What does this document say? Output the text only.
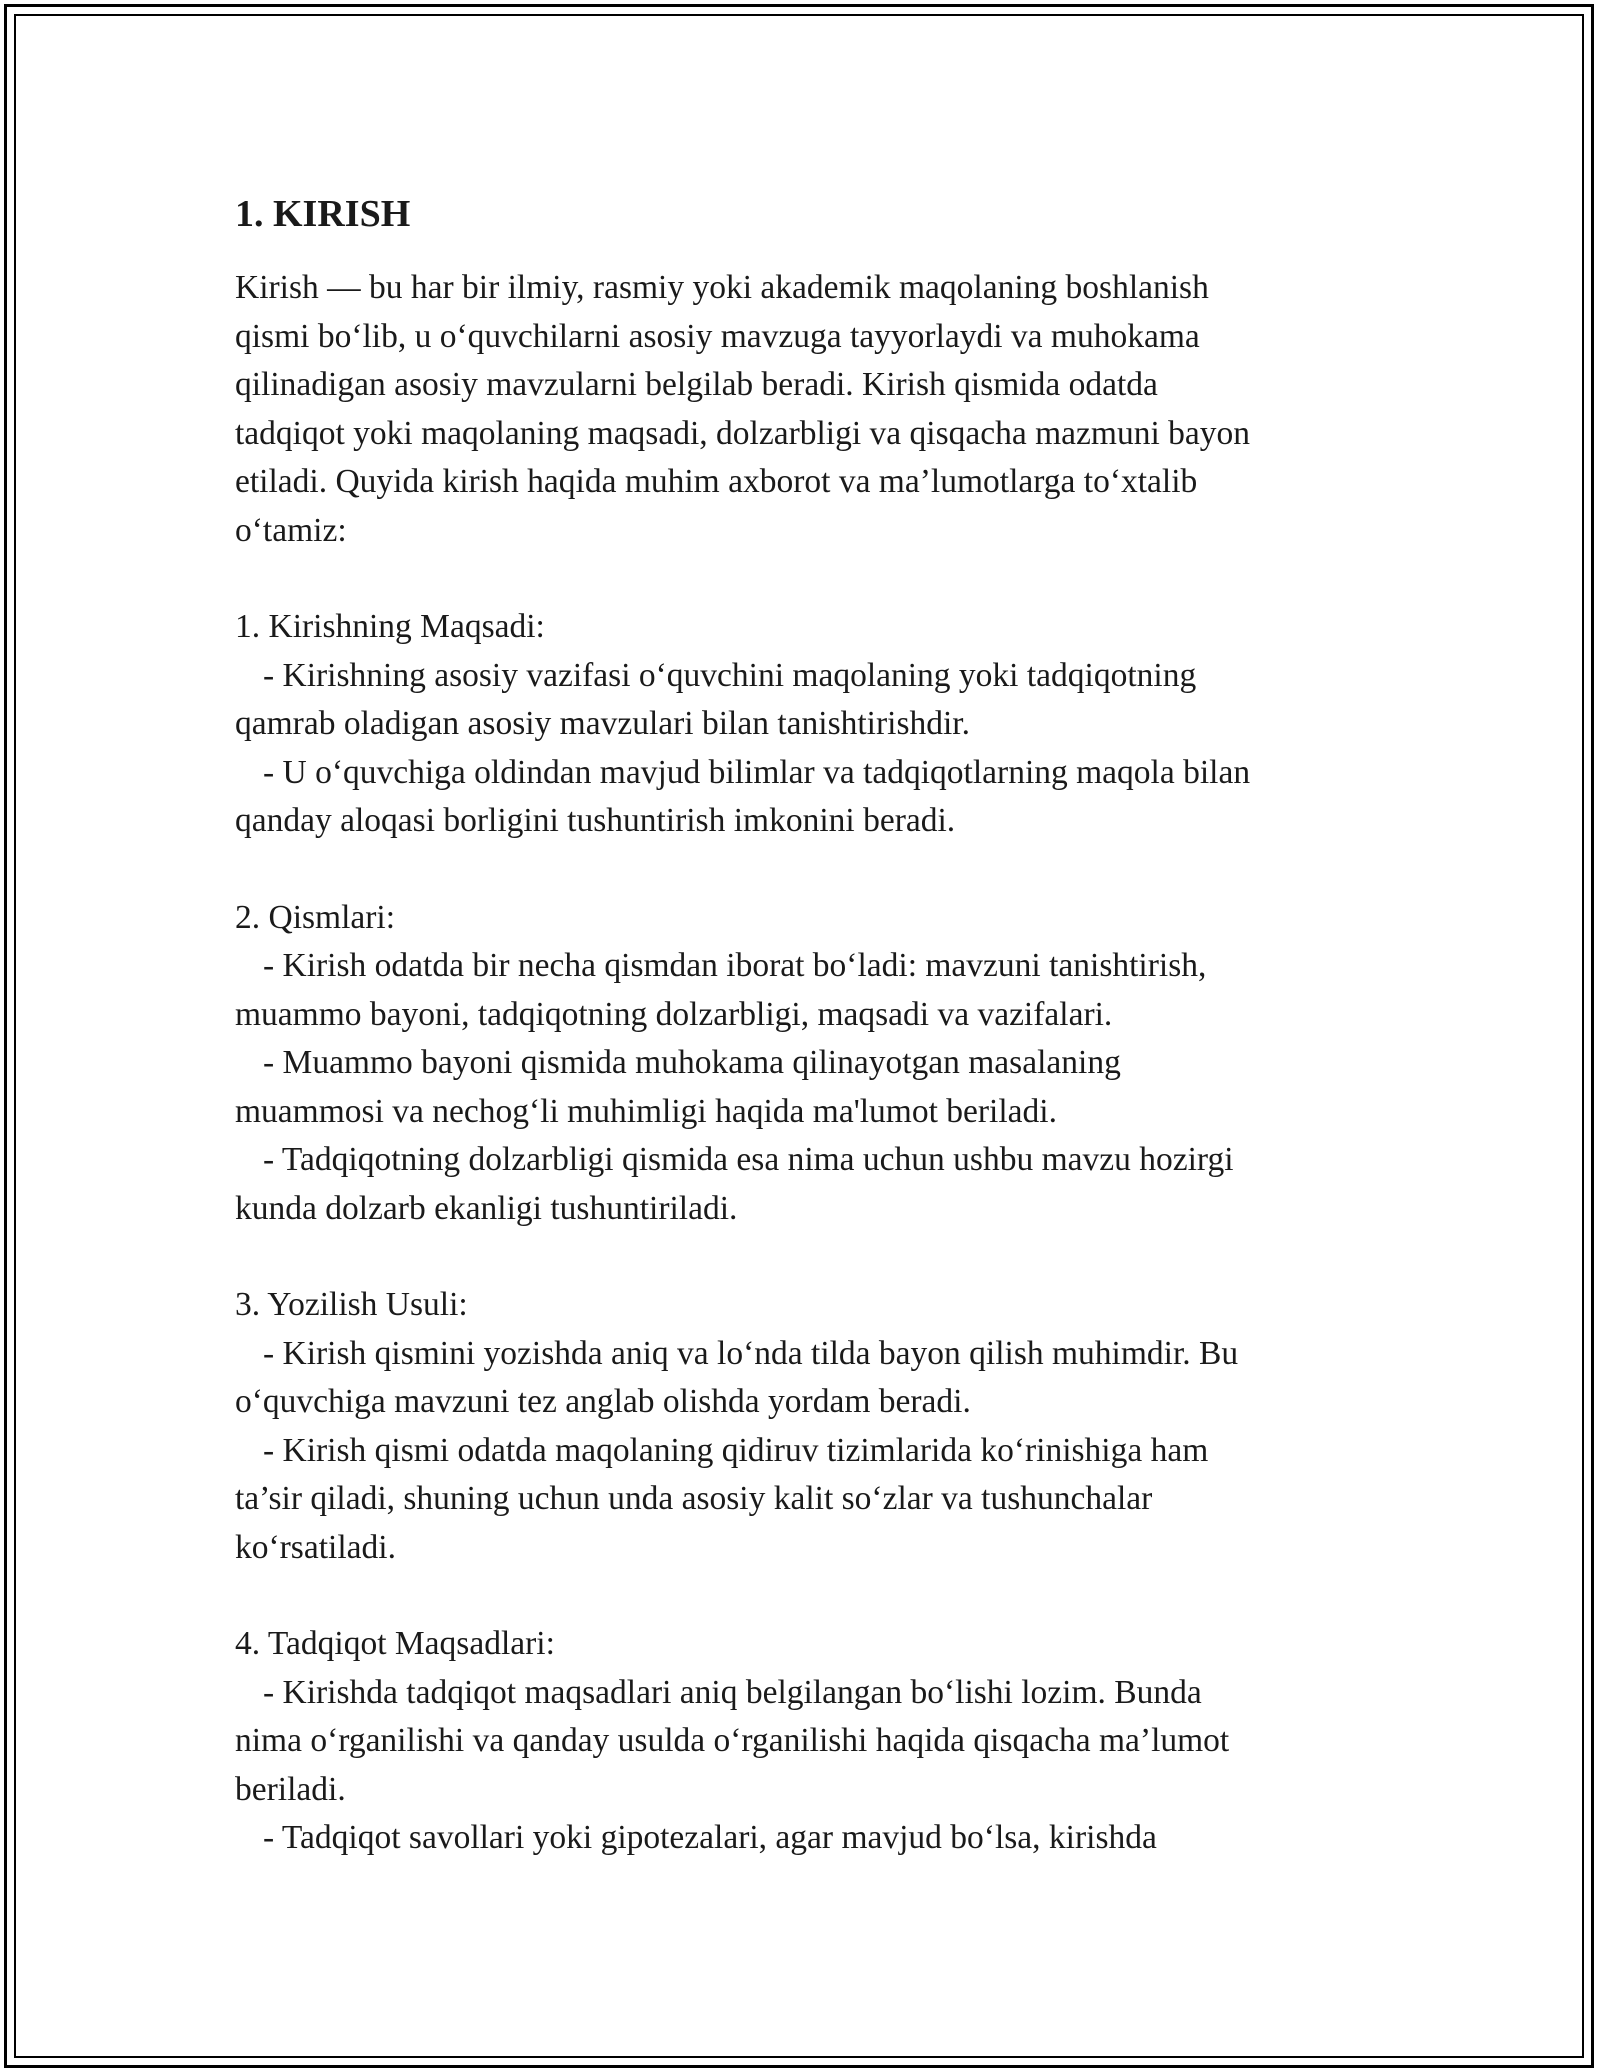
1. KIRISH

Kirish — bu har bir ilmiy, rasmiy yoki akademik maqolaning boshlanish
qismi bo‘lib, u o‘quvchilarni asosiy mavzuga tayyorlaydi va muhokama
qilinadigan asosiy mavzularni belgilab beradi. Kirish qismida odatda
tadqiqot yoki maqolaning maqsadi, dolzarbligi va qisqacha mazmuni bayon
etiladi. Quyida kirish haqida muhim axborot va ma’lumotlarga to‘xtalib
o‘tamiz:

1. Kirishning Maqsadi:

- Kirishning asosiy vazifasi o‘quvchini maqolaning yoki tadqiqotning
qamrab oladigan asosiy mavzulari bilan tanishtirishdir.

- U o‘quvchiga oldindan mavjud bilimlar va tadqiqotlarning maqola bilan
qanday aloqasi borligini tushuntirish imkonini beradi.

2. Qismlari:

- Kirish odatda bir necha qismdan iborat bo‘ladi: mavzuni tanishtirish,
muammo bayoni, tadqiqotning dolzarbligi, maqsadi va vazifalari.

- Muammo bayoni qismida muhokama qilinayotgan masalaning
muammosi va nechog‘li muhimligi haqida ma'lumot beriladi.

- Tadqiqotning dolzarbligi qismida esa nima uchun ushbu mavzu hozirgi
kunda dolzarb ekanligi tushuntiriladi.

3. Yozilish Usuli:

- Kirish qismini yozishda aniq va lo‘nda tilda bayon qilish muhimdir. Bu
o‘quvchiga mavzuni tez anglab olishda yordam beradi.

- Kirish qismi odatda maqolaning qidiruv tizimlarida ko‘rinishiga ham
ta’sir qiladi, shuning uchun unda asosiy kalit so‘zlar va tushunchalar
ko‘rsatiladi.

4. Tadqiqot Maqsadlari:

- Kirishda tadqiqot maqsadlari aniq belgilangan bo‘lishi lozim. Bunda
nima o‘rganilishi va qanday usulda o‘rganilishi haqida qisqacha ma’lumot
beriladi.

- Tadqiqot savollari yoki gipotezalari, agar mavjud bo‘lsa, kirishda
